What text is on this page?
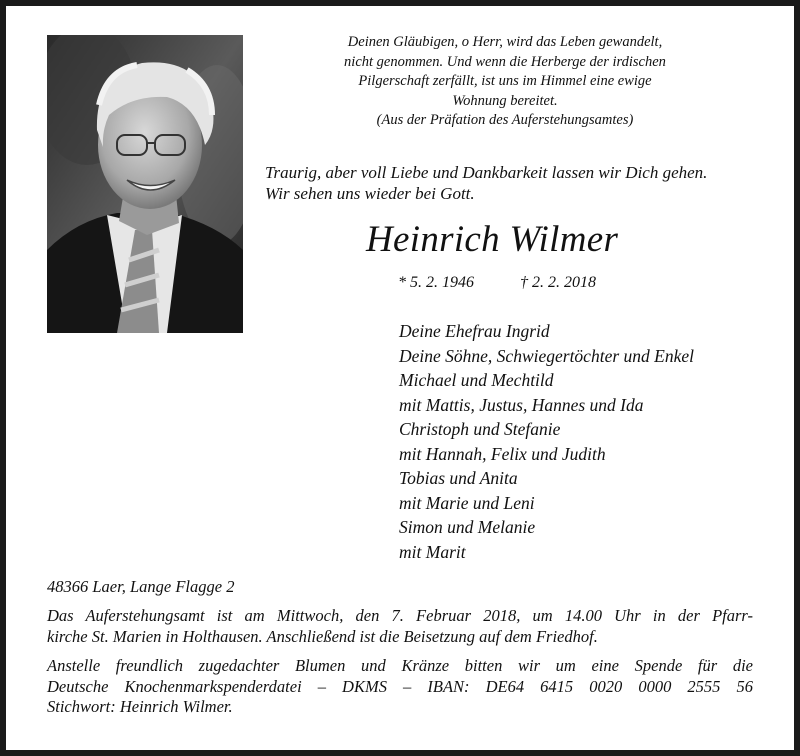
Deinen Gläubigen, o Herr, wird das Leben gewandelt,
nicht genommen. Und wenn die Herberge der irdischen
Pilgerschaft zerfällt, ist uns im Himmel eine ewige
Wohnung bereitet.
(Aus der Präfation des Auferstehungsamtes)
Traurig, aber voll Liebe und Dankbarkeit lassen wir Dich gehen.
Wir sehen uns wieder bei Gott.
Heinrich Wilmer
* 5. 2. 1946	† 2. 2. 2018
Deine Ehefrau Ingrid
Deine Söhne, Schwiegertöchter und Enkel
Michael und Mechtild
mit Mattis, Justus, Hannes und Ida
Christoph und Stefanie
mit Hannah, Felix und Judith
Tobias und Anita
mit Marie und Leni
Simon und Melanie
mit Marit
48366 Laer, Lange Flagge 2
Das Auferstehungsamt ist am Mittwoch, den 7. Februar 2018, um 14.00 Uhr in der Pfarr-
kirche St. Marien in Holthausen. Anschließend ist die Beisetzung auf dem Friedhof.
Anstelle freundlich zugedachter Blumen und Kränze bitten wir um eine Spende für die
Deutsche Knochenmarkspenderdatei – DKMS – IBAN: DE64 6415 0020 0000 2555 56
Stichwort: Heinrich Wilmer.
